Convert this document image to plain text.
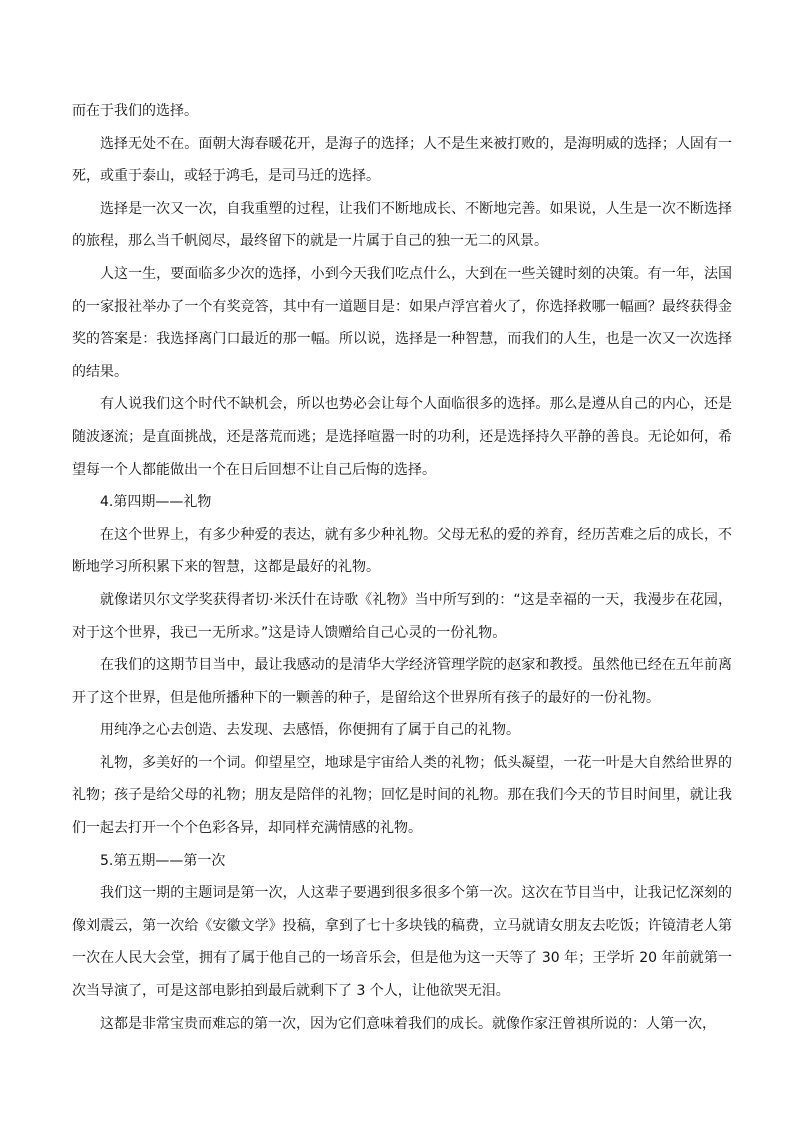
而在于我们的选择。

选择无处不在。面朝大海春暖花开，是海子的选择；人不是生来被打败的，是海明威的选择；人固有一死，或重于泰山，或轻于鸿毛，是司马迁的选择。

选择是一次又一次，自我重塑的过程，让我们不断地成长、不断地完善。如果说，人生是一次不断选择的旅程，那么当千帆阅尽，最终留下的就是一片属于自己的独一无二的风景。

人这一生，要面临多少次的选择，小到今天我们吃点什么，大到在一些关键时刻的决策。有一年，法国的一家报社举办了一个有奖竞答，其中有一道题目是：如果卢浮宫着火了，你选择救哪一幅画？最终获得金奖的答案是：我选择离门口最近的那一幅。所以说，选择是一种智慧，而我们的人生，也是一次又一次选择的结果。

有人说我们这个时代不缺机会，所以也势必会让每个人面临很多的选择。那么是遵从自己的内心，还是随波逐流；是直面挑战，还是落荒而逃；是选择喧嚣一时的功利，还是选择持久平静的善良。无论如何，希望每一个人都能做出一个在日后回想不让自己后悔的选择。

4.第四期——礼物

在这个世界上，有多少种爱的表达，就有多少种礼物。父母无私的爱的养育，经历苦难之后的成长，不断地学习所积累下来的智慧，这都是最好的礼物。

就像诺贝尔文学奖获得者切·米沃什在诗歌《礼物》当中所写到的：“这是幸福的一天，我漫步在花园，对于这个世界，我已一无所求。”这是诗人馈赠给自己心灵的一份礼物。

在我们的这期节目当中，最让我感动的是清华大学经济管理学院的赵家和教授。虽然他已经在五年前离开了这个世界，但是他所播种下的一颗善的种子，是留给这个世界所有孩子的最好的一份礼物。

用纯净之心去创造、去发现、去感悟，你便拥有了属于自己的礼物。

礼物，多美好的一个词。仰望星空，地球是宇宙给人类的礼物；低头凝望，一花一叶是大自然给世界的礼物；孩子是给父母的礼物；朋友是陪伴的礼物；回忆是时间的礼物。那在我们今天的节目时间里，就让我们一起去打开一个个色彩各异，却同样充满情感的礼物。

5.第五期——第一次

我们这一期的主题词是第一次，人这辈子要遇到很多很多个第一次。这次在节目当中，让我记忆深刻的像刘震云，第一次给《安徽文学》投稿，拿到了七十多块钱的稿费，立马就请女朋友去吃饭；许镜清老人第一次在人民大会堂，拥有了属于他自己的一场音乐会，但是他为这一天等了 30 年；王学圻 20 年前就第一次当导演了，可是这部电影拍到最后就剩下了 3 个人，让他欲哭无泪。

这都是非常宝贵而难忘的第一次，因为它们意味着我们的成长。就像作家汪曾祺所说的：人第一次，
